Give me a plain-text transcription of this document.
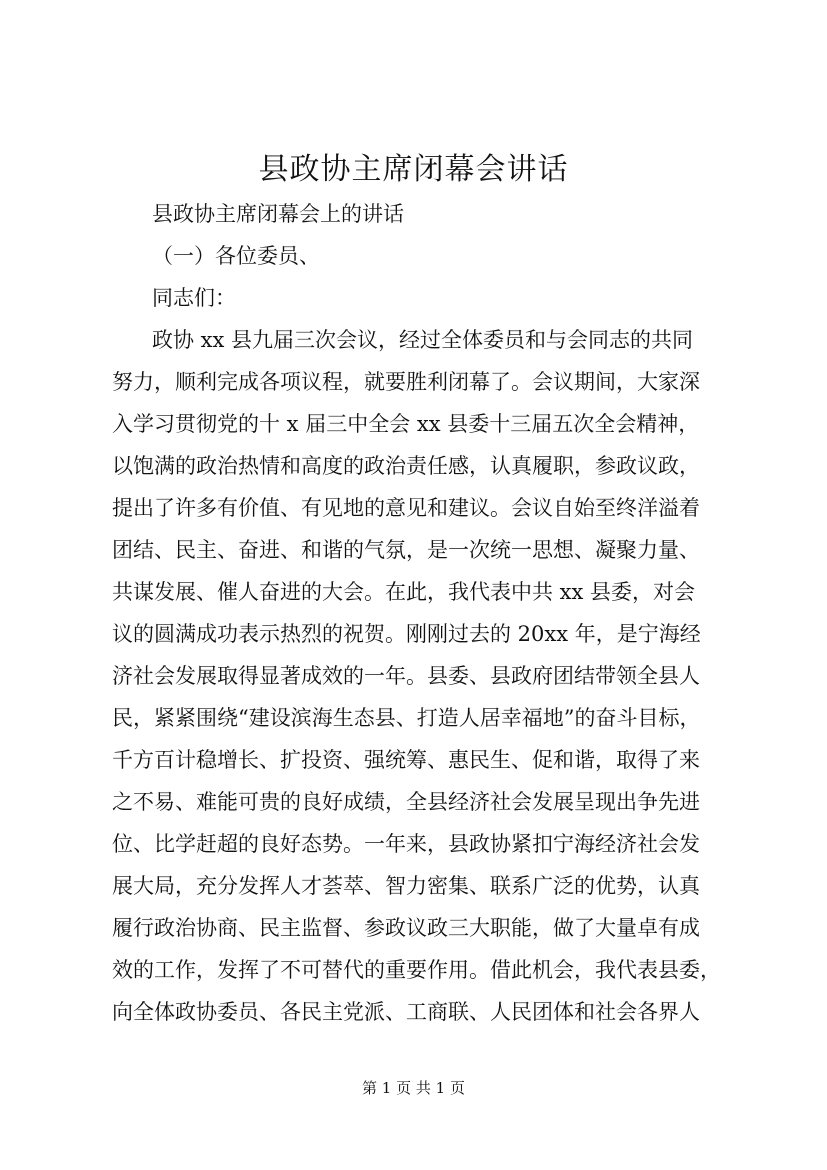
县政协主席闭幕会讲话

县政协主席闭幕会上的讲话

（一）各位委员、

同志们：

政协 xx 县九届三次会议，经过全体委员和与会同志的共同

努力，顺利完成各项议程，就要胜利闭幕了。会议期间，大家深

入学习贯彻党的十 x 届三中全会 xx 县委十三届五次全会精神，

以饱满的政治热情和高度的政治责任感，认真履职，参政议政，

提出了许多有价值、有见地的意见和建议。会议自始至终洋溢着

团结、民主、奋进、和谐的气氛，是一次统一思想、凝聚力量、

共谋发展、催人奋进的大会。在此，我代表中共 xx 县委，对会

议的圆满成功表示热烈的祝贺。刚刚过去的 20xx 年，是宁海经

济社会发展取得显著成效的一年。县委、县政府团结带领全县人

民，紧紧围绕“建设滨海生态县、打造人居幸福地”的奋斗目标，

千方百计稳增长、扩投资、强统筹、惠民生、促和谐，取得了来

之不易、难能可贵的良好成绩，全县经济社会发展呈现出争先进

位、比学赶超的良好态势。一年来，县政协紧扣宁海经济社会发

展大局，充分发挥人才荟萃、智力密集、联系广泛的优势，认真

履行政治协商、民主监督、参政议政三大职能，做了大量卓有成

效的工作，发挥了不可替代的重要作用。借此机会，我代表县委，

向全体政协委员、各民主党派、工商联、人民团体和社会各界人

第 1 页 共 1 页
